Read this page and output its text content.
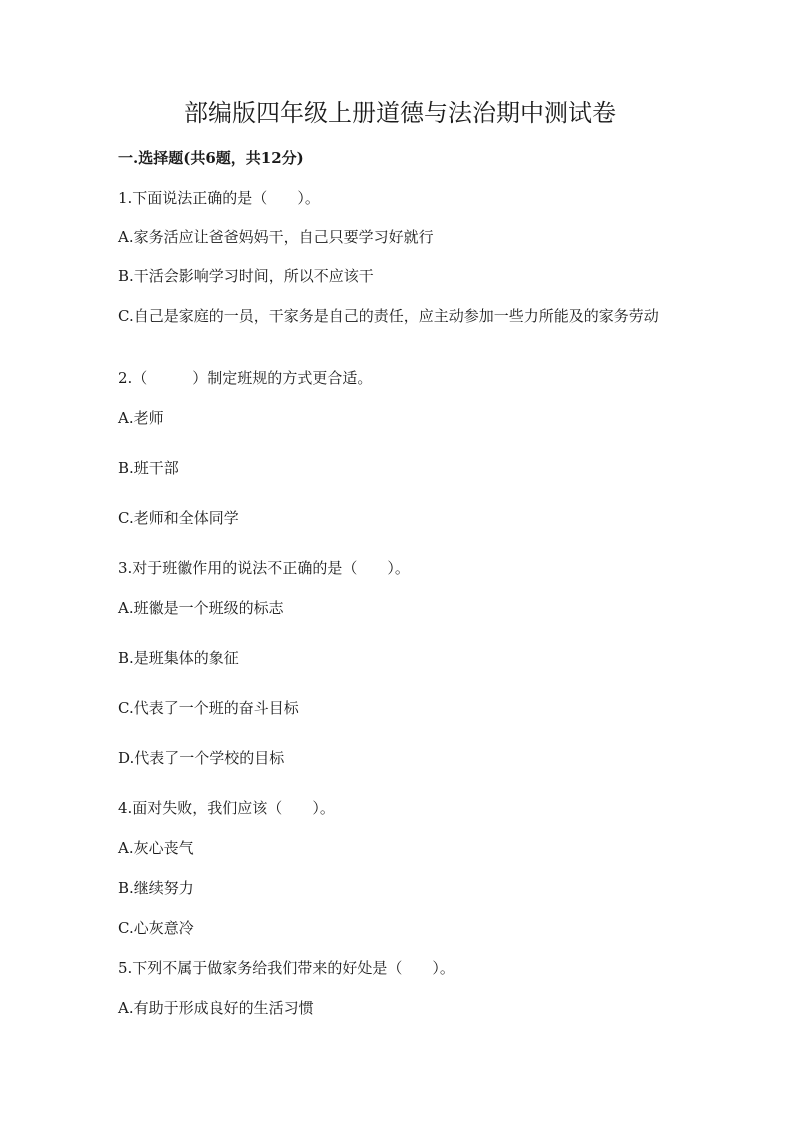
部编版四年级上册道德与法治期中测试卷
一.选择题(共6题，共12分)
1.下面说法正确的是（　　）。
A.家务活应让爸爸妈妈干，自己只要学习好就行
B.干活会影响学习时间，所以不应该干
C.自己是家庭的一员，干家务是自己的责任，应主动参加一些力所能及的家务劳动
2.（　　　）制定班规的方式更合适。
A.老师
B.班干部
C.老师和全体同学
3.对于班徽作用的说法不正确的是（　　）。
A.班徽是一个班级的标志
B.是班集体的象征
C.代表了一个班的奋斗目标
D.代表了一个学校的目标
4.面对失败，我们应该（　　）。
A.灰心丧气
B.继续努力
C.心灰意冷
5.下列不属于做家务给我们带来的好处是（　　）。
A.有助于形成良好的生活习惯
